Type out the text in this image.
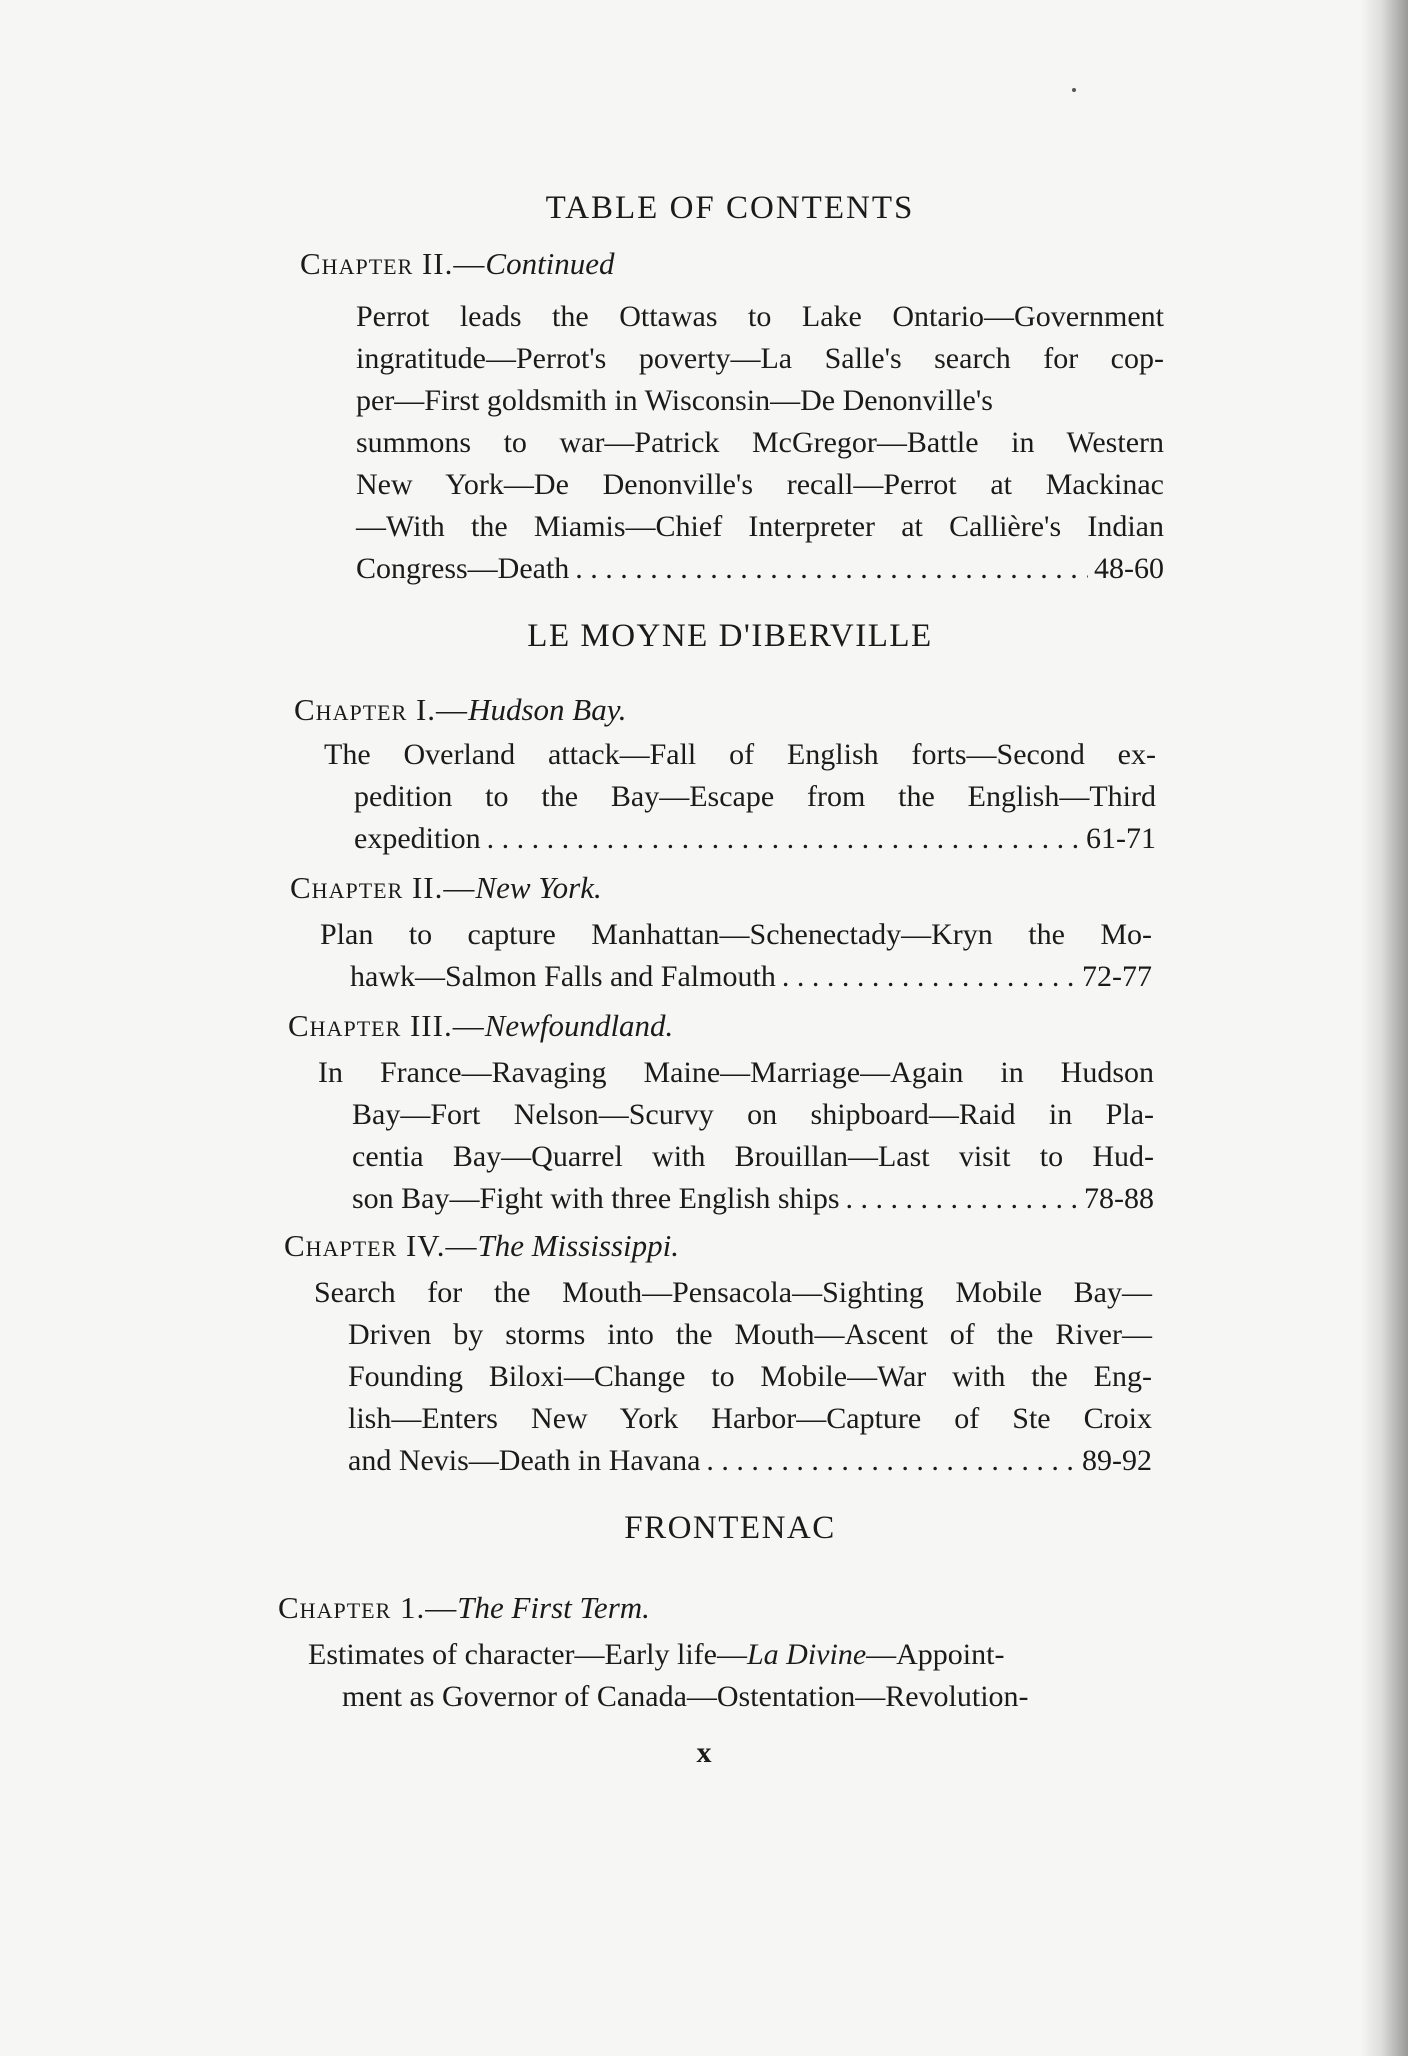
TABLE OF CONTENTS
Chapter II.—Continued
Perrot leads the Ottawas to Lake Ontario—Government
ingratitude—Perrot's poverty—La Salle's search for cop-
per—First goldsmith in Wisconsin—De Denonville's
summons to war—Patrick McGregor—Battle in Western
New York—De Denonville's recall—Perrot at Mackinac
—With the Miamis—Chief Interpreter at Callière's Indian
Congress—Death . . .	48-60
LE MOYNE D'IBERVILLE
Chapter I.—Hudson Bay.
The Overland attack—Fall of English forts—Second ex-
pedition to the Bay—Escape from the English—Third
expedition . . .	61-71
Chapter II.—New York.
Plan to capture Manhattan—Schenectady—Kryn the Mo-
hawk—Salmon Falls and Falmouth . . .	72-77
Chapter III.—Newfoundland.
In France—Ravaging Maine—Marriage—Again in Hudson
Bay—Fort Nelson—Scurvy on shipboard—Raid in Pla-
centia Bay—Quarrel with Brouillan—Last visit to Hud-
son Bay—Fight with three English ships . . .	78-88
Chapter IV.—The Mississippi.
Search for the Mouth—Pensacola—Sighting Mobile Bay—
Driven by storms into the Mouth—Ascent of the River—
Founding Biloxi—Change to Mobile—War with the Eng-
lish—Enters New York Harbor—Capture of Ste Croix
and Nevis—Death in Havana . . .	89-92
FRONTENAC
Chapter 1.—The First Term.
Estimates of character—Early life—La Divine—Appoint-
ment as Governor of Canada—Ostentation—Revolution-
x
